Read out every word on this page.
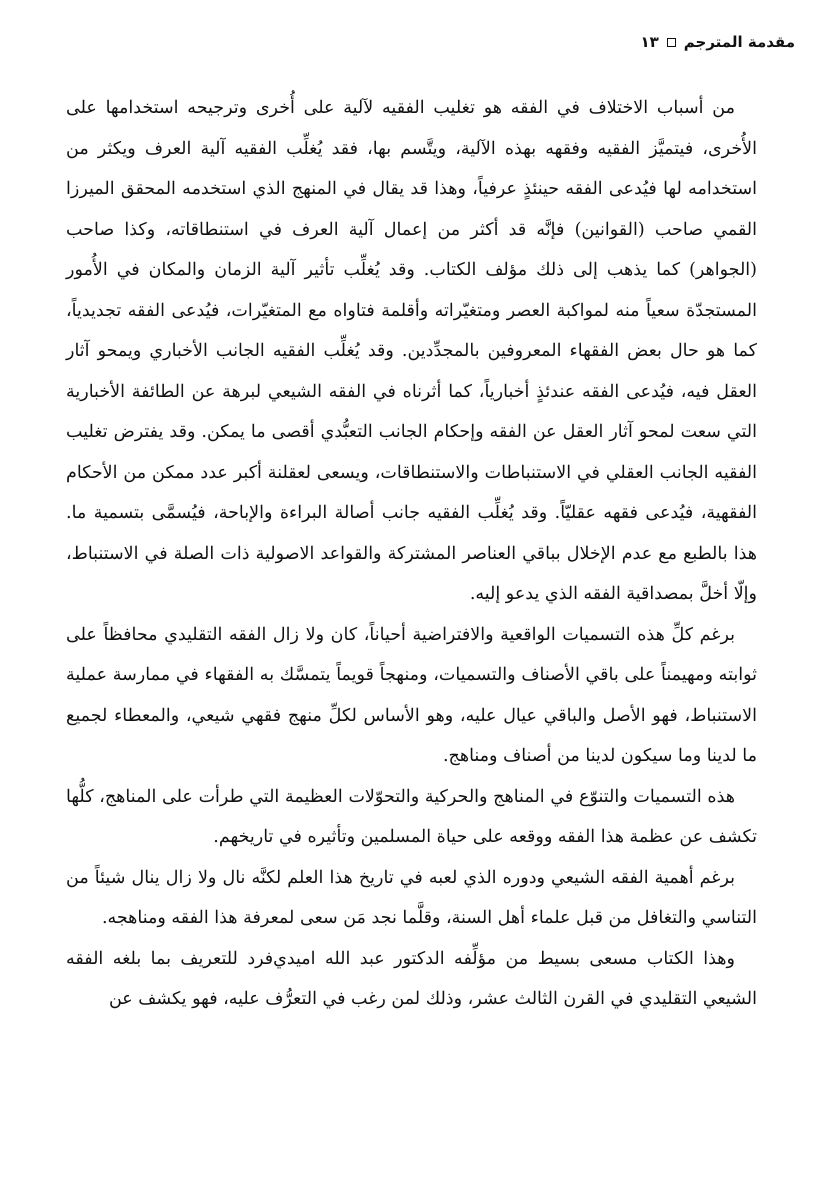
مقدمة المترجم
١٣

من أسباب الاختلاف في الفقه هو تغليب الفقيه لآلية على أُخرى وترجيحه استخدامها على الأُخرى، فيتميَّز الفقيه وفقهه بهذه الآلية، ويتَّسم بها، فقد يُغلِّب الفقيه آلية العرف ويكثر من استخدامه لها فيُدعى الفقه حينئذٍ عرفياً، وهذا قد يقال في المنهج الذي استخدمه المحقق الميرزا القمي صاحب (القوانين) فإنَّه قد أكثر من إعمال آلية العرف في استنطاقاته، وكذا صاحب (الجواهر) كما يذهب إلى ذلك مؤلف الكتاب. وقد يُغلِّب تأثير آلية الزمان والمكان في الأُمور المستجدّة سعياً منه لمواكبة العصر ومتغيّراته وأقلمة فتاواه مع المتغيّرات، فيُدعى الفقه تجديدياً، كما هو حال بعض الفقهاء المعروفين بالمجدِّدين. وقد يُغلِّب الفقيه الجانب الأخباري ويمحو آثار العقل فيه، فيُدعى الفقه عندئذٍ أخبارياً، كما أثرناه في الفقه الشيعي لبرهة عن الطائفة الأخبارية التي سعت لمحو آثار العقل عن الفقه وإحكام الجانب التعبُّدي أقصى ما يمكن. وقد يفترض تغليب الفقيه الجانب العقلي في الاستنباطات والاستنطاقات، ويسعى لعقلنة أكبر عدد ممكن من الأحكام الفقهية، فيُدعى فقهه عقليّاً. وقد يُغلِّب الفقيه جانب أصالة البراءة والإباحة، فيُسمَّى بتسمية ما. هذا بالطبع مع عدم الإخلال بباقي العناصر المشتركة والقواعد الاصولية ذات الصلة في الاستنباط، وإلّا أخلَّ بمصداقية الفقه الذي يدعو إليه.

برغم كلِّ هذه التسميات الواقعية والافتراضية أحياناً، كان ولا زال الفقه التقليدي محافظاً على ثوابته ومهيمناً على باقي الأصناف والتسميات، ومنهجاً قويماً يتمسَّك به الفقهاء في ممارسة عملية الاستنباط، فهو الأصل والباقي عيال عليه، وهو الأساس لكلِّ منهج فقهي شيعي، والمعطاء لجميع ما لدينا وما سيكون لدينا من أصناف ومناهج.

هذه التسميات والتنوّع في المناهج والحركية والتحوّلات العظيمة التي طرأت على المناهج، كلُّها تكشف عن عظمة هذا الفقه ووقعه على حياة المسلمين وتأثيره في تاريخهم.

برغم أهمية الفقه الشيعي ودوره الذي لعبه في تاريخ هذا العلم لكنَّه نال ولا زال ينال شيئاً من التناسي والتغافل من قبل علماء أهل السنة، وقلَّما نجد مَن سعى لمعرفة هذا الفقه ومناهجه.

وهذا الكتاب مسعى بسيط من مؤلِّفه الدكتور عبد الله اميدي‌فرد للتعريف بما بلغه الفقه الشيعي التقليدي في القرن الثالث عشر، وذلك لمن رغب في التعرُّف عليه، فهو يكشف عن
